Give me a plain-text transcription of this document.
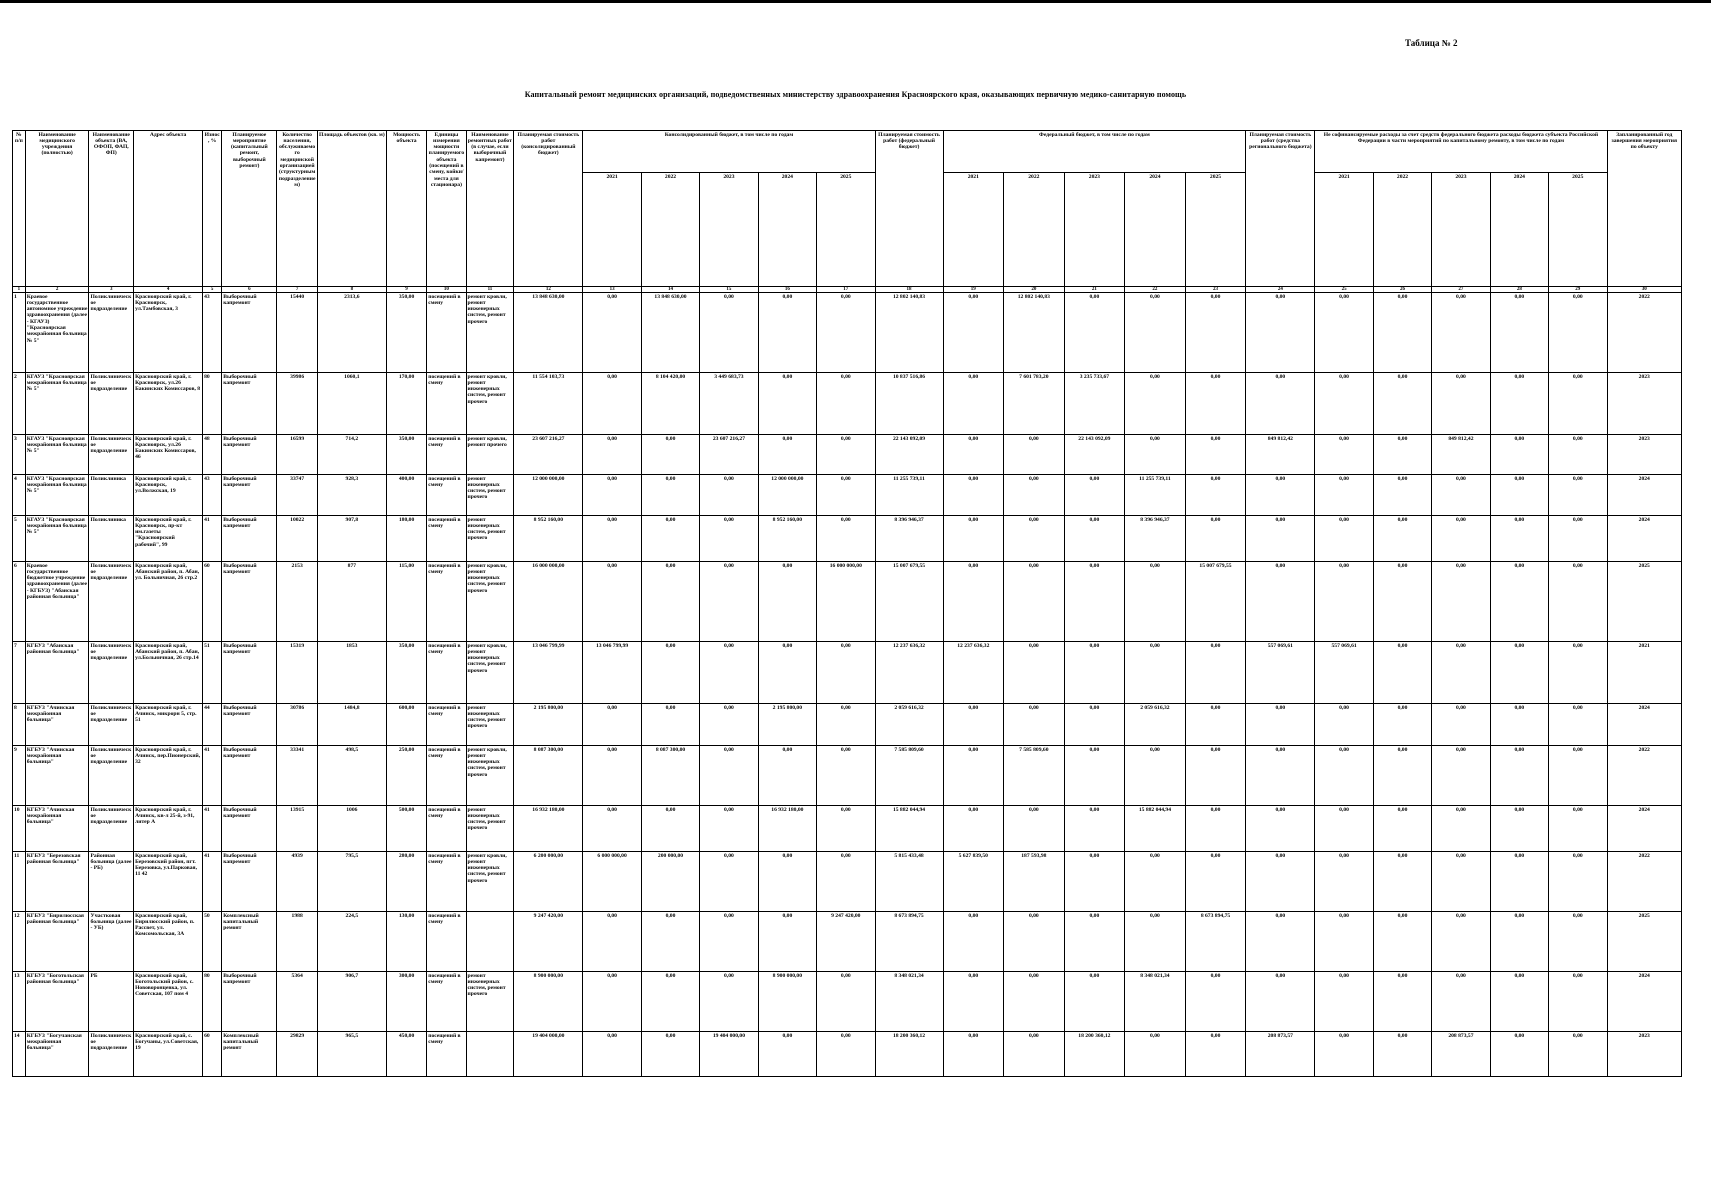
Таблица № 2
Капитальный ремонт медицинских организаций, подведомственных министерству здравоохранения Красноярского края, оказывающих первичную медико-санитарную помощь
№ п/п	Наименование медицинского учреждения (полностью)	Наименование объекта (ВА, ОФОП, ФАП, ФП)	Адрес объекта	Износ, %	Планируемое мероприятие (капитальный ремонт, выборочный ремонт)	Количество населения, обслуживаемого медицинской организацией (структурным подразделением)	Площадь объектов (кв. м)	Мощность объекта	Единицы измерения мощности планируемого объекта (посещений в смену, койки/места для стационара)	Наименование ремонтных работ (в случае, если выборочный капремонт)	Планируемая стоимость работ (консолидированный бюджет)	Консолидированный бюджет, в том числе по годам					Планируемая стоимость работ (федеральный бюджет)	Федеральный бюджет, в том числе по годам					Планируемая стоимость работ (средства регионального бюджета)	Не софинансируемые расходы за счет средств федерального бюджета расходы бюджета субъекта Российской Федерации в части мероприятий по капитальному ремонту, в том числе по годам					Запланированный год завершения мероприятия по объекту
												2021	2022	2023	2024	2025		2021	2022	2023	2024	2025		2021	2022	2023	2024	2025	
1	2	3	4	5	6	7	8	9	10	11	12	13	14	15	16	17	18	19	20	21	22	23	24	25	26	27	28	29	30
1	Краевое государственное автономное учреждение здравоохранения (далее - КГАУЗ) "Красноярская межрайонная больница № 5"	Поликлиническое подразделение	Красноярский край, г. Красноярск, ул.Тамбовская, 3	43	Выборочный капремонт	15440	2313,6	350,00	посещений в смену	ремонт кровли, ремонт инженерных систем, ремонт прочего	13 848 630,00	0,00	13 848 630,00	0,00	0,00	0,00	12 802 140,83	0,00	12 802 140,83	0,00	0,00	0,00	0,00	0,00	0,00	0,00	0,00	0,00	2022
2	КГАУЗ "Красноярская межрайонная больница № 5"	Поликлиническое подразделение	Красноярский край, г. Красноярск, ул.26 Бакинских Комиссаров, 8	80	Выборочный капремонт	39986	1060,1	170,00	посещений в смену	ремонт кровли, ремонт инженерных систем, ремонт прочего	11 554 103,73	0,00	8 104 420,00	3 449 683,73	0,00	0,00	10 837 516,86	0,00	7 601 783,20	3 235 733,67	0,00	0,00	0,00	0,00	0,00	0,00	0,00	0,00	2023
3	КГАУЗ "Красноярская межрайонная больница № 5"	Поликлиническое подразделение	Красноярский край, г. Красноярск, ул.26 Бакинских Комиссаров, 46	48	Выборочный капремонт	16599	714,2	350,00	посещений в смену	ремонт кровли, ремонт прочего	23 607 216,27	0,00	0,00	23 607 216,27	0,00	0,00	22 143 092,09	0,00	0,00	22 143 092,09	0,00	0,00	849 812,42	0,00	0,00	849 812,42	0,00	0,00	2023
4	КГАУЗ "Красноярская межрайонная больница № 5"	Поликлиника	Красноярский край, г. Красноярск, ул.Волжская, 19	43	Выборочный капремонт	33747	928,3	400,00	посещений в смену	ремонт инженерных систем, ремонт прочего	12 000 000,00	0,00	0,00	0,00	12 000 000,00	0,00	11 255 739,11	0,00	0,00	0,00	11 255 739,11	0,00	0,00	0,00	0,00	0,00	0,00	0,00	2024
5	КГАУЗ "Красноярская межрайонная больница № 5"	Поликлиника	Красноярский край, г. Красноярск, пр-кт им.газеты "Красноярский рабочий", 99	41	Выборочный капремонт	10022	907,8	180,00	посещений в смену	ремонт инженерных систем, ремонт прочего	8 952 160,00	0,00	0,00	0,00	8 952 160,00	0,00	8 396 946,37	0,00	0,00	0,00	8 396 946,37	0,00	0,00	0,00	0,00	0,00	0,00	0,00	2024
6	Краевое государственное бюджетное учреждение здравоохранения (далее - КГБУЗ) "Абанская районная больница"	Поликлиническое подразделение	Красноярский край, Абанский район, п. Абан, ул. Больничная, 26 стр.2	60	Выборочный капремонт	2153	877	115,00	посещений в смену	ремонт кровли, ремонт инженерных систем, ремонт прочего	16 000 000,00	0,00	0,00	0,00	0,00	16 000 000,00	15 007 679,55	0,00	0,00	0,00	0,00	15 007 679,55	0,00	0,00	0,00	0,00	0,00	0,00	2025
7	КГБУЗ "Абанская районная больница"	Поликлиническое подразделение	Красноярский край, Абанский район, п. Абан, ул.Больничная, 26 стр.14	51	Выборочный капремонт	15319	1853	350,00	посещений в смену	ремонт кровли, ремонт инженерных систем, ремонт прочего	13 046 799,99	13 046 799,99	0,00	0,00	0,00	0,00	12 237 636,32	12 237 636,32	0,00	0,00	0,00	0,00	557 069,61	557 069,61	0,00	0,00	0,00	0,00	2021
8	КГБУЗ "Ачинская межрайонная больница"	Поликлиническое подразделение	Красноярский край, г. Ачинск, микрорн 5, стр. 51	44	Выборочный капремонт	30786	1484,8	600,00	посещений в смену	ремонт инженерных систем, ремонт прочего	2 195 800,00	0,00	0,00	0,00	2 195 800,00	0,00	2 059 616,32	0,00	0,00	0,00	2 059 616,32	0,00	0,00	0,00	0,00	0,00	0,00	0,00	2024
9	КГБУЗ "Ачинская межрайонная больница"	Поликлиническое подразделение	Красноярский край, г. Ачинск, пер.Пионерский, 32	41	Выборочный капремонт	33341	498,5	250,00	посещений в смену	ремонт кровли, ремонт инженерных систем, ремонт прочего	8 087 300,00	0,00	8 087 300,00	0,00	0,00	0,00	7 585 809,60	0,00	7 585 809,60	0,00	0,00	0,00	0,00	0,00	0,00	0,00	0,00	0,00	2022
10	КГБУЗ "Ачинская межрайонная больница"	Поликлиническое подразделение	Красноярский край, г. Ачинск, кв-л 25-й, з-91, литер А	41	Выборочный капремонт	13915	1006	500,00	посещений в смену	ремонт инженерных систем, ремонт прочего	16 932 180,00	0,00	0,00	0,00	16 932 180,00	0,00	15 882 044,94	0,00	0,00	0,00	15 882 044,94	0,00	0,00	0,00	0,00	0,00	0,00	0,00	2024
11	КГБУЗ "Березовская районная больница"	Районная больница (далее - РБ)	Красноярский край, Березовский район, пгт. Березовка, ул.Парковая, 11 42	41	Выборочный капремонт	4939	795,5	280,00	посещений в смену	ремонт кровли, ремонт инженерных систем, ремонт прочего	6 200 000,00	6 000 000,00	200 000,00	0,00	0,00	0,00	5 815 433,48	5 627 839,50	187 593,98	0,00	0,00	0,00	0,00	0,00	0,00	0,00	0,00	0,00	2022
12	КГБУЗ "Бирилюсская районная больница"	Участковая больница (далее - УБ)	Красноярский край, Бирилюсский район, п. Рассвет, ул. Комсомольская, 3А	50	Комплексный капитальный ремонт	1988	224,5	130,00	посещений в смену		9 247 420,00	0,00	0,00	0,00	0,00	9 247 420,00	8 673 894,75	0,00	0,00	0,00	0,00	8 673 894,75	0,00	0,00	0,00	0,00	0,00	0,00	2025
13	КГБУЗ "Боготольская районная больница"	РБ	Красноярский край, Боготольский район, с. Нововоронцевка, ул. Советская, 107 пом 4	80	Выборочный капремонт	5364	906,7	300,00	посещений в смену	ремонт инженерных систем, ремонт прочего	8 900 000,00	0,00	0,00	0,00	8 900 000,00	0,00	8 348 021,34	0,00	0,00	0,00	8 348 021,34	0,00	0,00	0,00	0,00	0,00	0,00	0,00	2024
14	КГБУЗ "Богучанская межрайонная больница"	Поликлиническое подразделение	Красноярский край, с. Богучаны, ул.Советская, 19	60	Комплексный капитальный ремонт	29829	965,5	450,00	посещений в смену		19 404 000,00	0,00	0,00	19 404 000,00	0,00	0,00	18 200 360,12	0,00	0,00	18 200 360,12	0,00	0,00	208 873,57	0,00	0,00	208 873,57	0,00	0,00	2023
